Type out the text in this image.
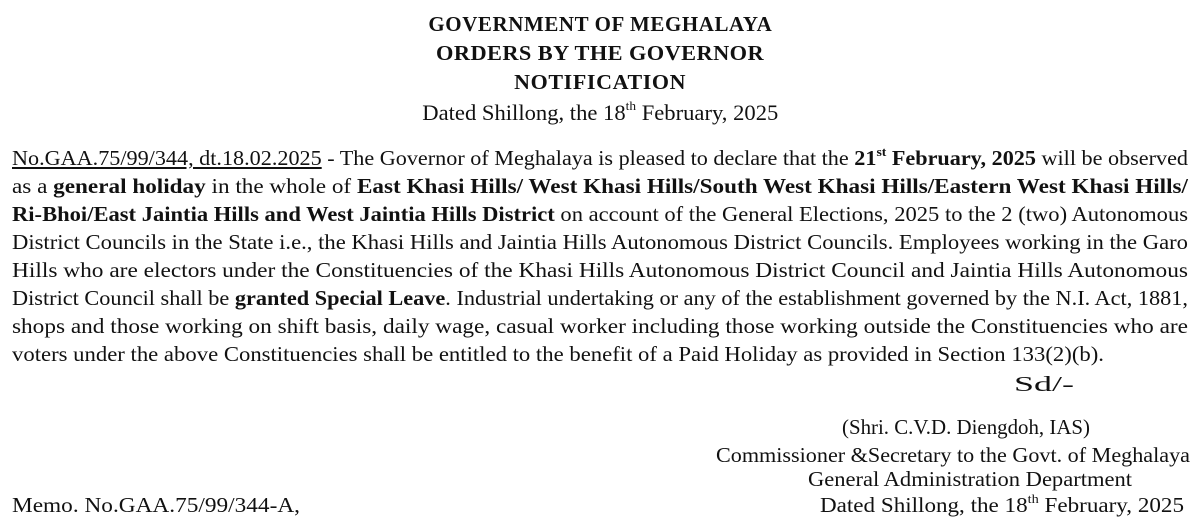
GOVERNMENT OF MEGHALAYA
ORDERS BY THE GOVERNOR
NOTIFICATION
Dated Shillong, the 18th February, 2025
No.GAA.75/99/344, dt.18.02.2025 - The Governor of Meghalaya is pleased to declare that the 21st February, 2025 will be observed
as a general holiday in the whole of East Khasi Hills/ West Khasi Hills/South West Khasi Hills/Eastern West Khasi Hills/
Ri-Bhoi/East Jaintia Hills and West Jaintia Hills District on account of the General Elections, 2025 to the 2 (two) Autonomous
District Councils in the State i.e., the Khasi Hills and Jaintia Hills Autonomous District Councils. Employees working in the Garo
Hills who are electors under the Constituencies of the Khasi Hills Autonomous District Council and Jaintia Hills Autonomous
District Council shall be granted Special Leave. Industrial undertaking or any of the establishment governed by the N.I. Act, 1881,
shops and those working on shift basis, daily wage, casual worker including those working outside the Constituencies who are
voters under the above Constituencies shall be entitled to the benefit of a Paid Holiday as provided in Section 133(2)(b).
Sd/-
(Shri. C.V.D. Diengdoh, IAS)
Commissioner &Secretary to the Govt. of Meghalaya
General Administration Department
Dated Shillong, the 18th February, 2025
Memo. No.GAA.75/99/344-A,
